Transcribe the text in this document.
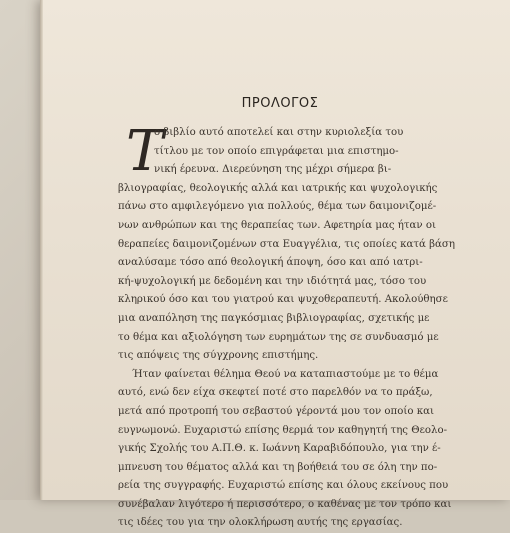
ΠΡΟΛΟΓΟΣ
Τ
ο βιβλίο αυτό αποτελεί και στην κυριολεξία του
τίτλου με τον οποίο επιγράφεται μια επιστημο-
νική έρευνα. Διερεύνηση της μέχρι σήμερα βι-
βλιογραφίας, θεολογικής αλλά και ιατρικής και ψυχολογικής
πάνω στο αμφιλεγόμενο για πολλούς, θέμα των δαιμονιζομέ-
νων ανθρώπων και της θεραπείας των. Αφετηρία μας ήταν οι
θεραπείες δαιμονιζομένων στα Ευαγγέλια, τις οποίες κατά βάση
αναλύσαμε τόσο από θεολογική άποψη, όσο και από ιατρι-
κή-ψυχολογική με δεδομένη και την ιδιότητά μας, τόσο του
κληρικού όσο και του γιατρού και ψυχοθεραπευτή. Ακολούθησε
μια αναπόληση της παγκόσμιας βιβλιογραφίας, σχετικής με
το θέμα και αξιολόγηση των ευρημάτων της σε συνδυασμό με
τις απόψεις της σύγχρονης επιστήμης.
Ήταν φαίνεται θέλημα Θεού να καταπιαστούμε με το θέμα
αυτό, ενώ δεν είχα σκεφτεί ποτέ στο παρελθόν να το πράξω,
μετά από προτροπή του σεβαστού γέροντά μου τον οποίο και
ευγνωμονώ. Ευχαριστώ επίσης θερμά τον καθηγητή της Θεολο-
γικής Σχολής του Α.Π.Θ. κ. Ιωάννη Καραβιδόπουλο, για την έ-
μπνευση του θέματος αλλά και τη βοήθειά του σε όλη την πο-
ρεία της συγγραφής. Ευχαριστώ επίσης και όλους εκείνους που
συνέβαλαν λιγότερο ή περισσότερο, ο καθένας με τον τρόπο και
τις ιδέες του για την ολοκλήρωση αυτής της εργασίας.
